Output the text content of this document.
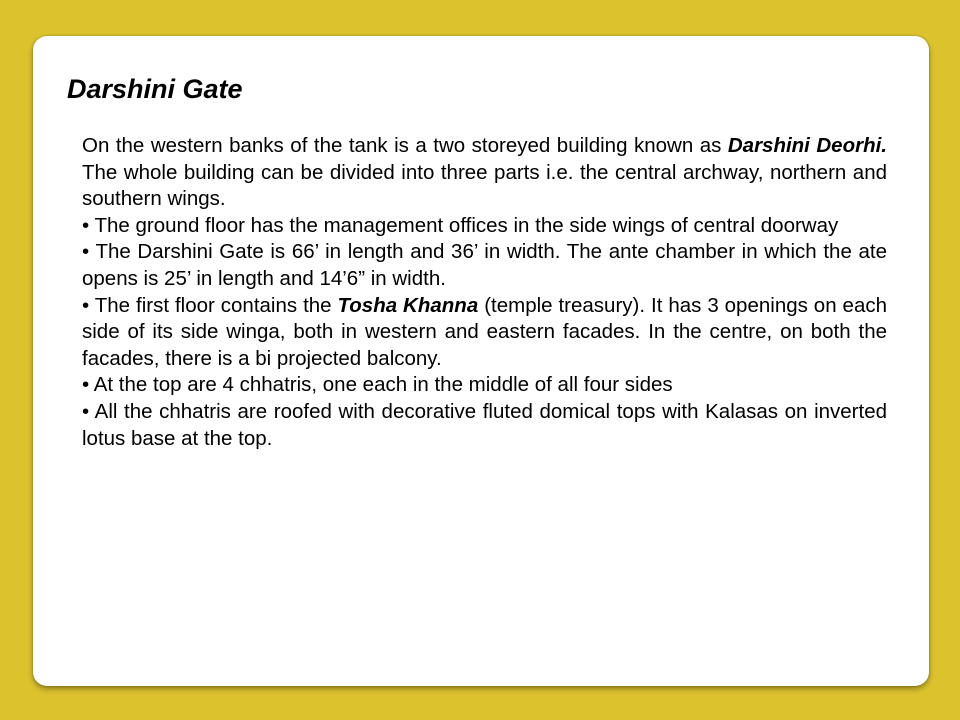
Darshini Gate

On the western banks of the tank is a two storeyed building known as Darshini Deorhi. The whole building can be divided into three parts i.e. the central archway, northern and southern wings.

• The ground floor has the management offices in the side wings of central doorway

• The Darshini Gate is 66’ in length and 36’ in width. The ante chamber in which the ate opens is 25’ in length and 14’6” in width.

• The first floor contains the Tosha Khanna (temple treasury). It has 3 openings on each side of its side winga, both in western and eastern facades. In the centre, on both the facades, there is a bi projected balcony.

• At the top are 4 chhatris, one each in the middle of all four sides

• All the chhatris are roofed with decorative fluted domical tops with Kalasas on inverted lotus base at the top.
